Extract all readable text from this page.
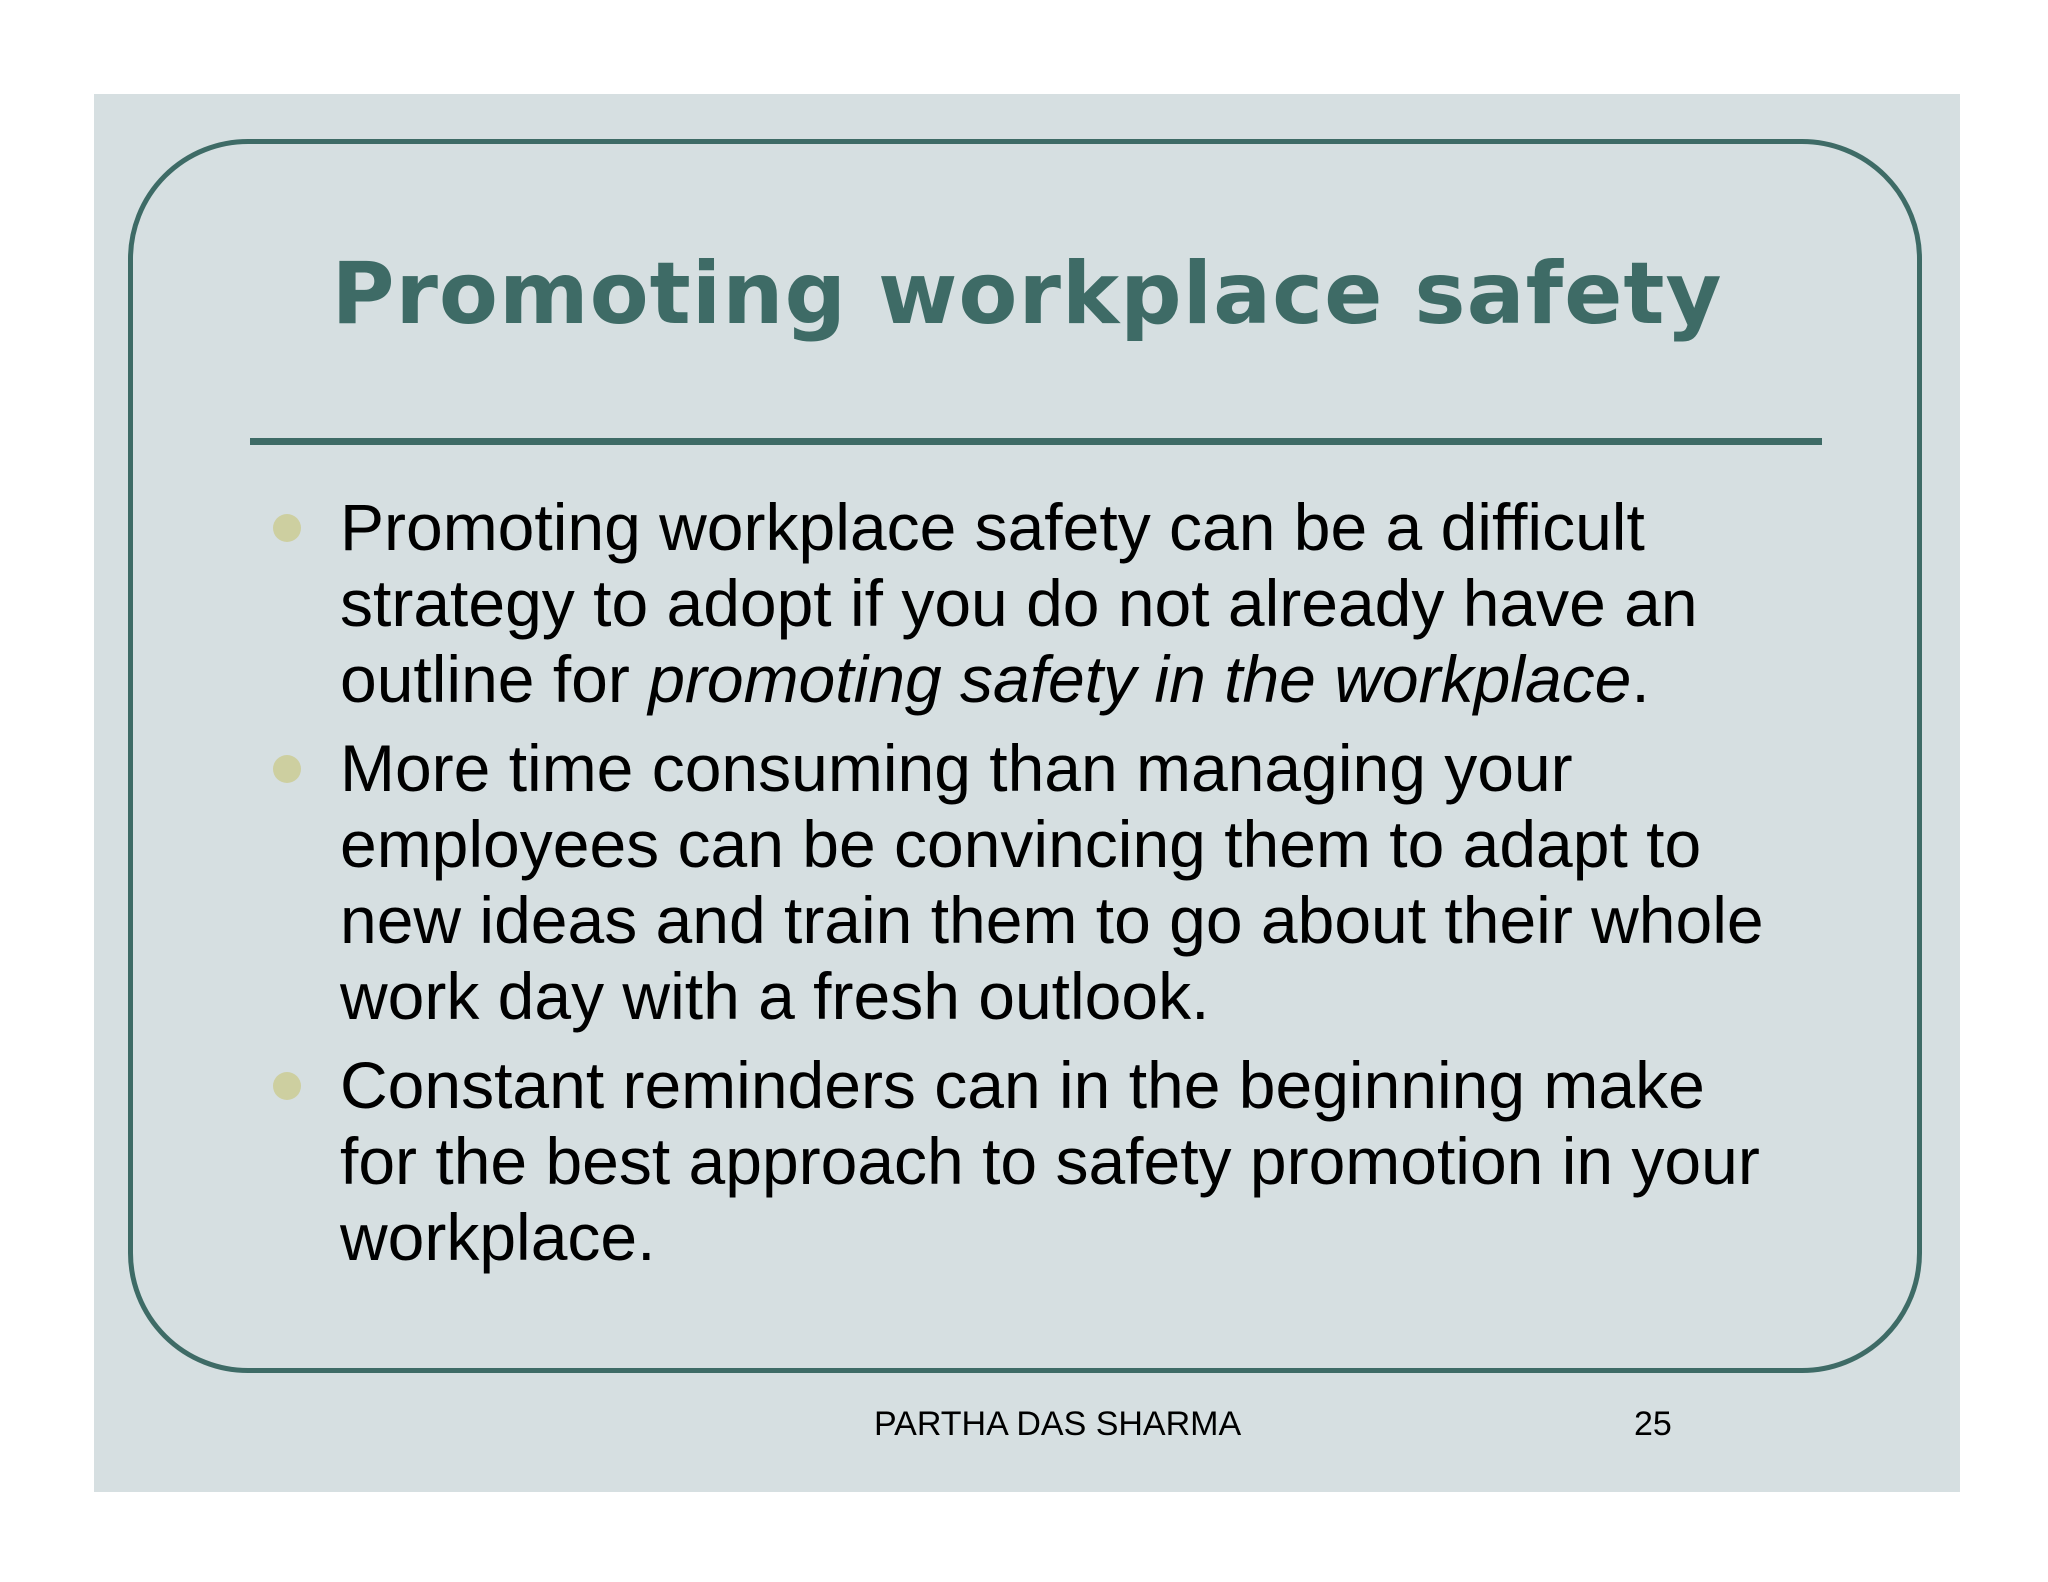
Promoting workplace safety
Promoting workplace safety can be a difficult strategy to adopt if you do not already have an outline for promoting safety in the workplace.
More time consuming than managing your employees can be convincing them to adapt to new ideas and train them to go about their whole work day with a fresh outlook.
Constant reminders can in the beginning make for the best approach to safety promotion in your workplace.
PARTHA DAS SHARMA	25
